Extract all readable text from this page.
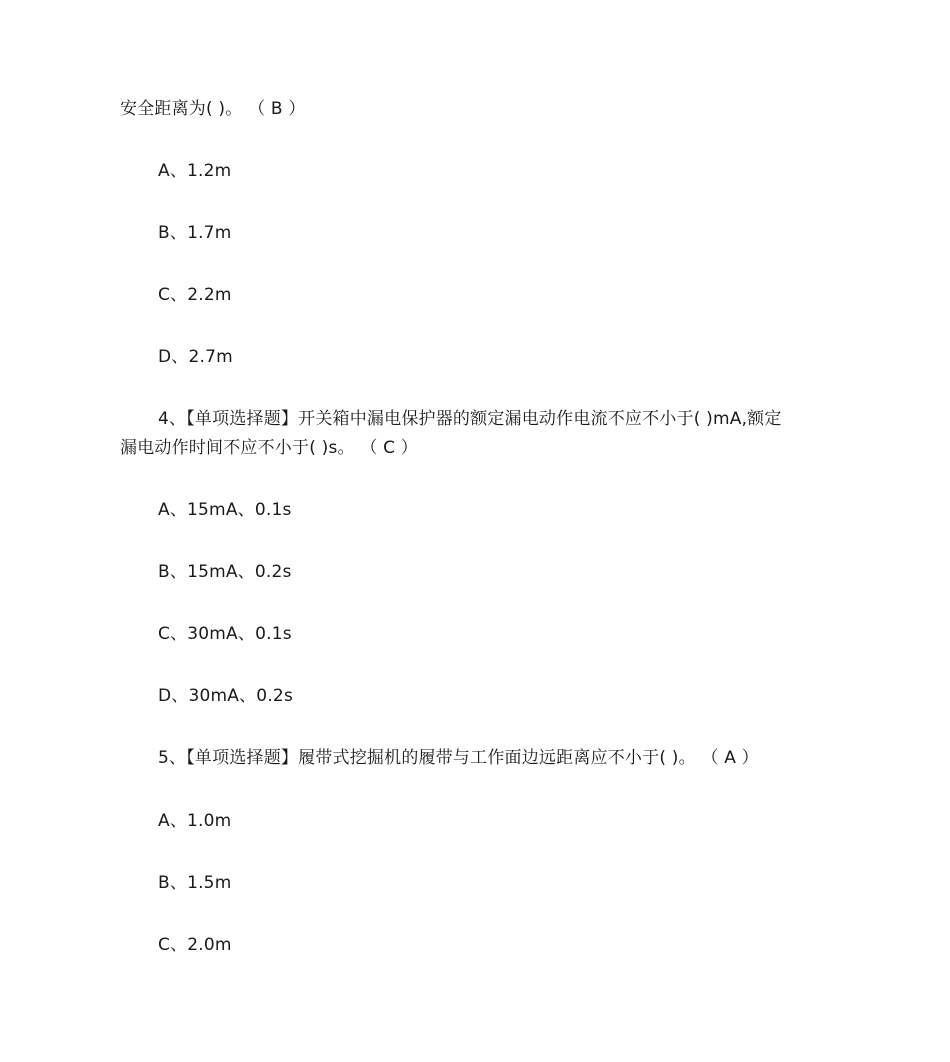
安全距离为( )。 （ B ）
A、1.2m
B、1.7m
C、2.2m
D、2.7m
4、【单项选择题】开关箱中漏电保护器的额定漏电动作电流不应不小于( )mA,额定
漏电动作时间不应不小于( )s。 （ C ）
A、15mA、0.1s
B、15mA、0.2s
C、30mA、0.1s
D、30mA、0.2s
5、【单项选择题】履带式挖掘机的履带与工作面边远距离应不小于( )。 （ A ）
A、1.0m
B、1.5m
C、2.0m
